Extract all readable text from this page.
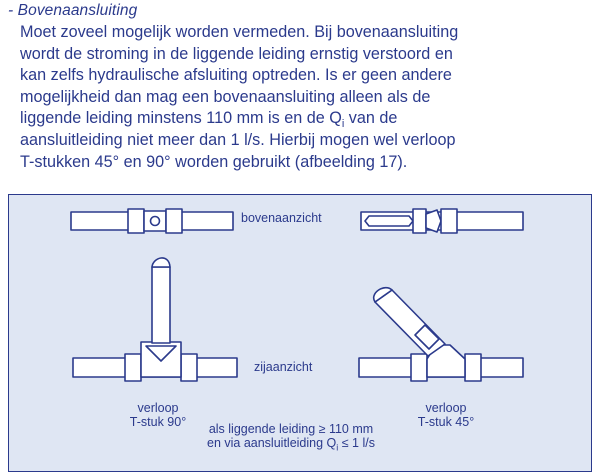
- Bovenaansluiting
Moet zoveel mogelijk worden vermeden. Bij bovenaansluiting
wordt de stroming in de liggende leiding ernstig verstoord en
kan zelfs hydraulische afsluiting optreden. Is er geen andere
mogelijkheid dan mag een bovenaansluiting alleen als de
liggende leiding minstens 110 mm is en de $Q_i$ van de
aansluitleiding niet meer dan 1 l/s. Hierbij mogen wel verloop
T-stukken 45° en 90° worden gebruikt (afbeelding 17).
bovenaanzicht
zijaanzicht
verloop
T-stuk 90°
verloop
T-stuk 45°
als liggende leiding ≥ 110 mm
en via aansluitleiding $Q_i \le 1$ l/s
